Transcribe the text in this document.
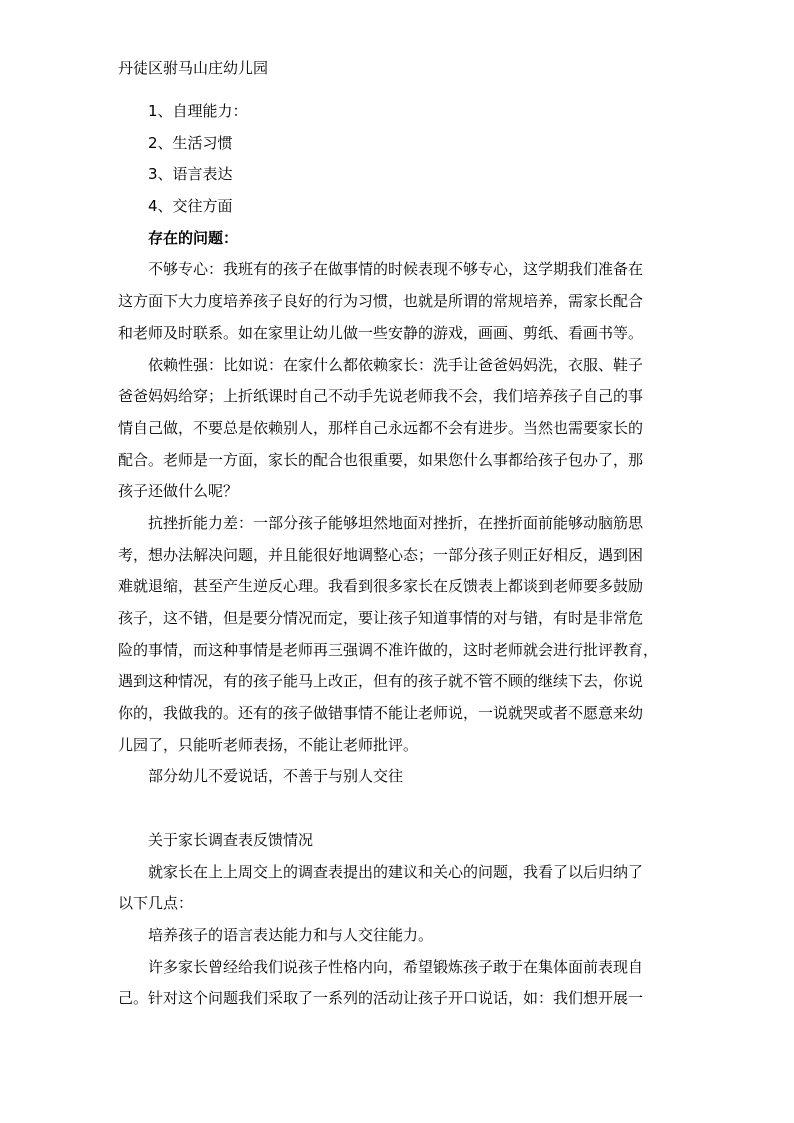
丹徒区驸马山庄幼儿园
1、自理能力：
2、生活习惯
3、语言表达
4、交往方面
存在的问题：
不够专心：我班有的孩子在做事情的时候表现不够专心，这学期我们准备在
这方面下大力度培养孩子良好的行为习惯，也就是所谓的常规培养，需家长配合
和老师及时联系。如在家里让幼儿做一些安静的游戏，画画、剪纸、看画书等。
依赖性强：比如说：在家什么都依赖家长：洗手让爸爸妈妈洗，衣服、鞋子
爸爸妈妈给穿；上折纸课时自己不动手先说老师我不会，我们培养孩子自己的事
情自己做，不要总是依赖别人，那样自己永远都不会有进步。当然也需要家长的
配合。老师是一方面，家长的配合也很重要，如果您什么事都给孩子包办了，那
孩子还做什么呢？
抗挫折能力差：一部分孩子能够坦然地面对挫折，在挫折面前能够动脑筋思
考，想办法解决问题，并且能很好地调整心态；一部分孩子则正好相反，遇到困
难就退缩，甚至产生逆反心理。我看到很多家长在反馈表上都谈到老师要多鼓励
孩子，这不错，但是要分情况而定，要让孩子知道事情的对与错，有时是非常危
险的事情，而这种事情是老师再三强调不准许做的，这时老师就会进行批评教育，
遇到这种情况，有的孩子能马上改正，但有的孩子就不管不顾的继续下去，你说
你的，我做我的。还有的孩子做错事情不能让老师说，一说就哭或者不愿意来幼
儿园了，只能听老师表扬，不能让老师批评。
部分幼儿不爱说话，不善于与别人交往
关于家长调查表反馈情况
就家长在上上周交上的调查表提出的建议和关心的问题，我看了以后归纳了
以下几点：
培养孩子的语言表达能力和与人交往能力。
许多家长曾经给我们说孩子性格内向，希望锻炼孩子敢于在集体面前表现自
己。针对这个问题我们采取了一系列的活动让孩子开口说话，如：我们想开展一
